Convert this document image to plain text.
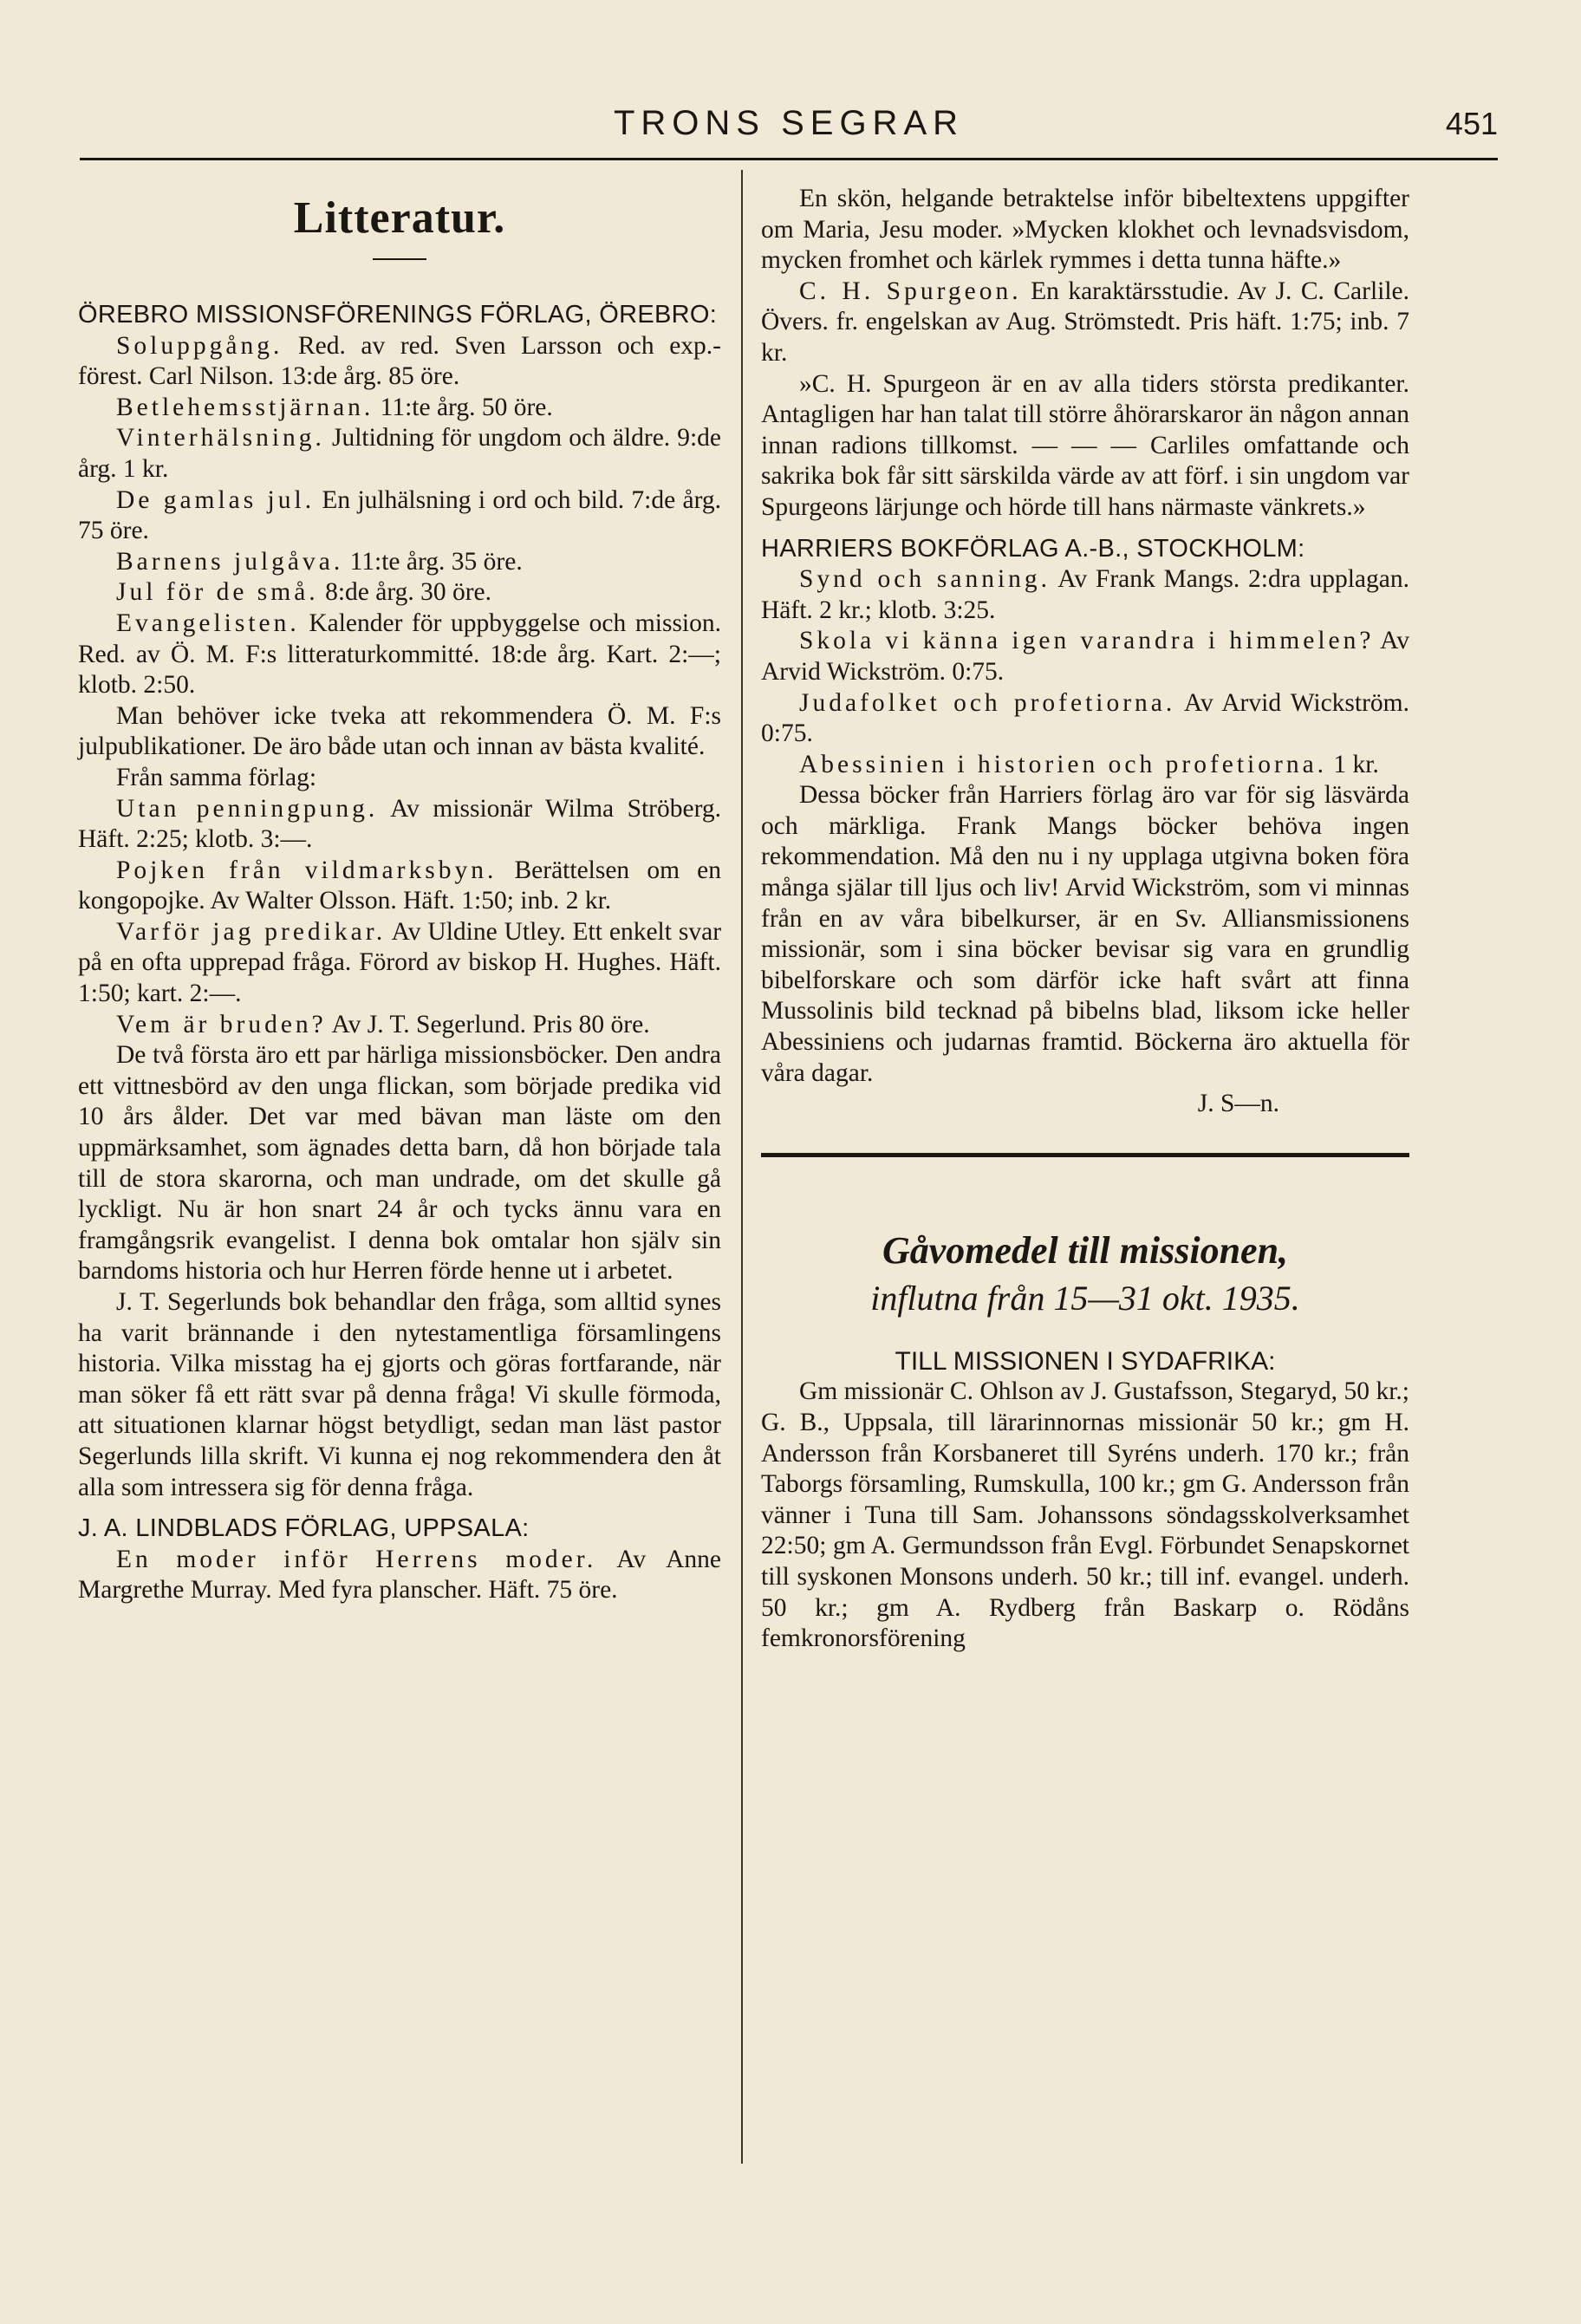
TRONS SEGRAR	451
Litteratur.

ÖREBRO MISSIONSFÖRENINGS FÖRLAG, ÖREBRO:

Soluppgång. Red. av red. Sven Larsson och exp.-förest. Carl Nilson. 13:de årg. 85 öre.

Betlehemsstjärnan. 11:te årg. 50 öre.

Vinterhälsning. Jultidning för ungdom och äldre. 9:de årg. 1 kr.

De gamlas jul. En julhälsning i ord och bild. 7:de årg. 75 öre.

Barnens julgåva. 11:te årg. 35 öre.

Jul för de små. 8:de årg. 30 öre.

Evangelisten. Kalender för uppbyggelse och mission. Red. av Ö. M. F:s litteraturkommitté. 18:de årg. Kart. 2:—; klotb. 2:50.

Man behöver icke tveka att rekommendera Ö. M. F:s julpublikationer. De äro både utan och innan av bästa kvalité.

Från samma förlag:

Utan penningpung. Av missionär Wilma Ströberg. Häft. 2:25; klotb. 3:—.

Pojken från vildmarksbyn. Berättelsen om en kongopojke. Av Walter Olsson. Häft. 1:50; inb. 2 kr.

Varför jag predikar. Av Uldine Utley. Ett enkelt svar på en ofta upprepad fråga. Förord av biskop H. Hughes. Häft. 1:50; kart. 2:—.

Vem är bruden? Av J. T. Segerlund. Pris 80 öre.

De två första äro ett par härliga missionsböcker. Den andra ett vittnesbörd av den unga flickan, som började predika vid 10 års ålder. Det var med bävan man läste om den uppmärksamhet, som ägnades detta barn, då hon började tala till de stora skarorna, och man undrade, om det skulle gå lyckligt. Nu är hon snart 24 år och tycks ännu vara en framgångsrik evangelist. I denna bok omtalar hon själv sin barndoms historia och hur Herren förde henne ut i arbetet.

J. T. Segerlunds bok behandlar den fråga, som alltid synes ha varit brännande i den nytestamentliga församlingens historia. Vilka misstag ha ej gjorts och göras fortfarande, när man söker få ett rätt svar på denna fråga! Vi skulle förmoda, att situationen klarnar högst betydligt, sedan man läst pastor Segerlunds lilla skrift. Vi kunna ej nog rekommendera den åt alla som intressera sig för denna fråga.

J. A. LINDBLADS FÖRLAG, UPPSALA:

En moder inför Herrens moder. Av Anne Margrethe Murray. Med fyra planscher. Häft. 75 öre.

En skön, helgande betraktelse inför bibeltextens uppgifter om Maria, Jesu moder. »Mycken klokhet och levnadsvisdom, mycken fromhet och kärlek rymmes i detta tunna häfte.»

C. H. Spurgeon. En karaktärsstudie. Av J. C. Carlile. Övers. fr. engelskan av Aug. Strömstedt. Pris häft. 1:75; inb. 7 kr.

»C. H. Spurgeon är en av alla tiders största predikanter. Antagligen har han talat till större åhörarskaror än någon annan innan radions tillkomst. — — — Carliles omfattande och sakrika bok får sitt särskilda värde av att förf. i sin ungdom var Spurgeons lärjunge och hörde till hans närmaste vänkrets.»

HARRIERS BOKFÖRLAG A.-B., STOCKHOLM:

Synd och sanning. Av Frank Mangs. 2:dra upplagan. Häft. 2 kr.; klotb. 3:25.

Skola vi känna igen varandra i himmelen? Av Arvid Wickström. 0:75.

Judafolket och profetiorna. Av Arvid Wickström. 0:75.

Abessinien i historien och profetiorna. 1 kr.

Dessa böcker från Harriers förlag äro var för sig läsvärda och märkliga. Frank Mangs böcker behöva ingen rekommendation. Må den nu i ny upplaga utgivna boken föra många själar till ljus och liv! Arvid Wickström, som vi minnas från en av våra bibelkurser, är en Sv. Alliansmissionens missionär, som i sina böcker bevisar sig vara en grundlig bibelforskare och som därför icke haft svårt att finna Mussolinis bild tecknad på bibelns blad, liksom icke heller Abessiniens och judarnas framtid. Böckerna äro aktuella för våra dagar.

J. S—n.

Gåvomedel till missionen,

influtna från 15—31 okt. 1935.

TILL MISSIONEN I SYDAFRIKA:

Gm missionär C. Ohlson av J. Gustafsson, Stegaryd, 50 kr.; G. B., Uppsala, till lärarinnornas missionär 50 kr.; gm H. Andersson från Korsbaneret till Syréns underh. 170 kr.; från Taborgs församling, Rumskulla, 100 kr.; gm G. Andersson från vänner i Tuna till Sam. Johanssons söndagsskolverksamhet 22:50; gm A. Germundsson från Evgl. Förbundet Senapskornet till syskonen Monsons underh. 50 kr.; till inf. evangel. underh. 50 kr.; gm A. Rydberg från Baskarp o. Rödåns femkronorsförening
